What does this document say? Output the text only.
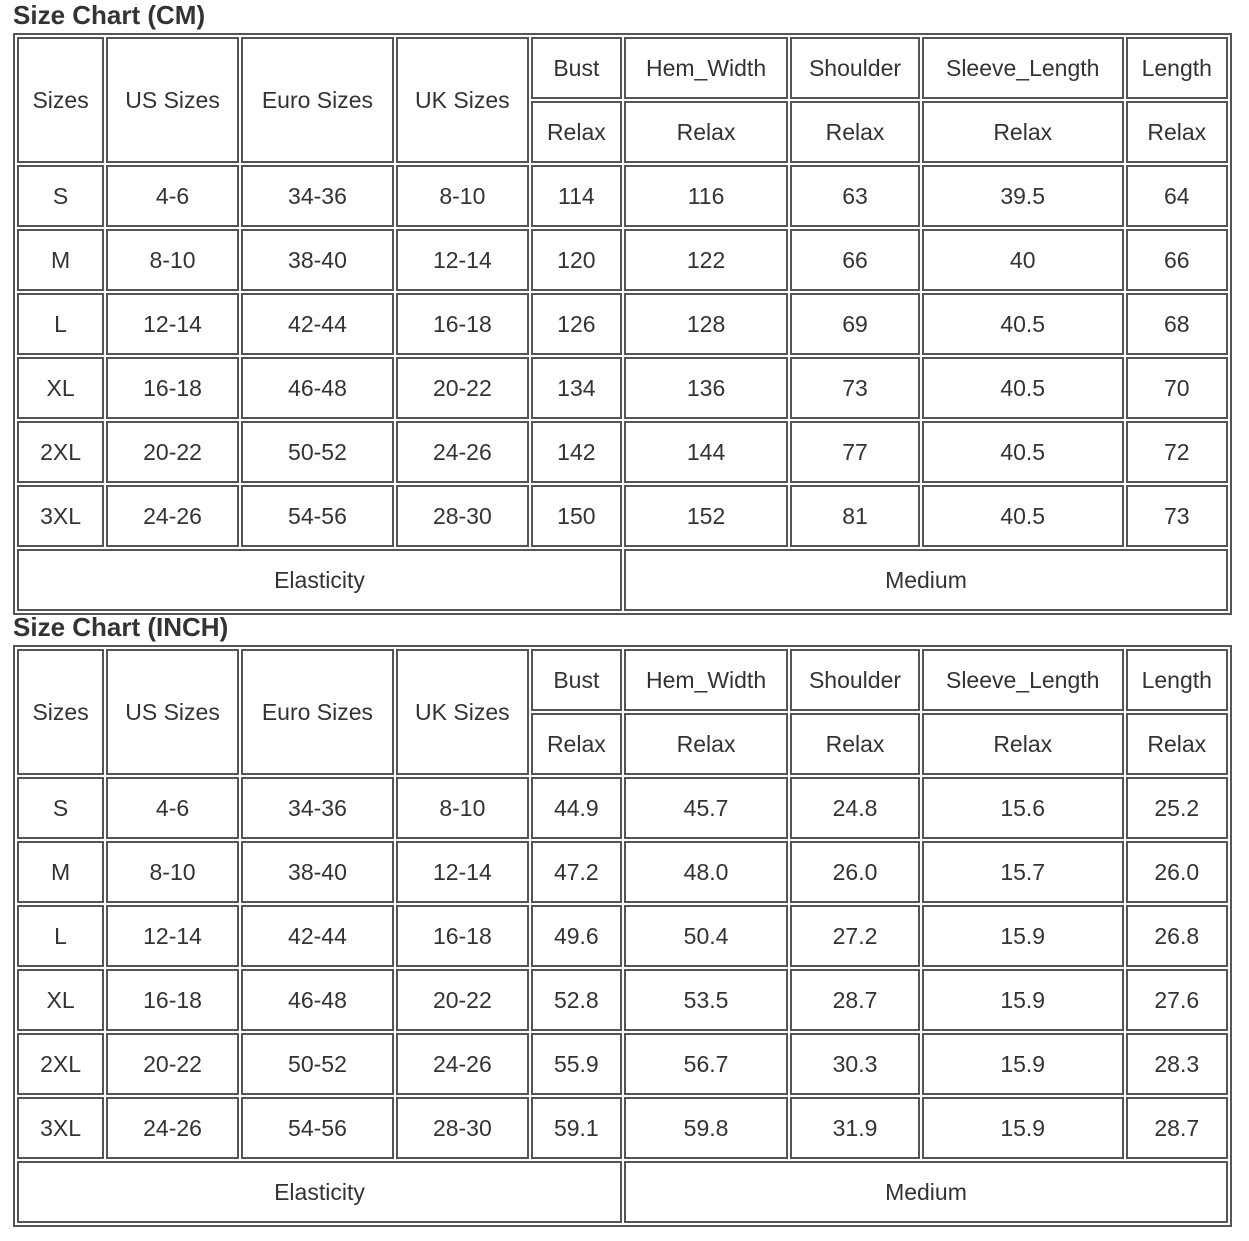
Size Chart (CM)
Sizes	US Sizes	Euro Sizes	UK Sizes	Bust	Hem_Width	Shoulder	Sleeve_Length	Length
				Relax	Relax	Relax	Relax	Relax
S	4-6	34-36	8-10	114	116	63	39.5	64
M	8-10	38-40	12-14	120	122	66	40	66
L	12-14	42-44	16-18	126	128	69	40.5	68
XL	16-18	46-48	20-22	134	136	73	40.5	70
2XL	20-22	50-52	24-26	142	144	77	40.5	72
3XL	24-26	54-56	28-30	150	152	81	40.5	73
Elasticity					Medium			
Size Chart (INCH)
Sizes	US Sizes	Euro Sizes	UK Sizes	Bust	Hem_Width	Shoulder	Sleeve_Length	Length
				Relax	Relax	Relax	Relax	Relax
S	4-6	34-36	8-10	44.9	45.7	24.8	15.6	25.2
M	8-10	38-40	12-14	47.2	48.0	26.0	15.7	26.0
L	12-14	42-44	16-18	49.6	50.4	27.2	15.9	26.8
XL	16-18	46-48	20-22	52.8	53.5	28.7	15.9	27.6
2XL	20-22	50-52	24-26	55.9	56.7	30.3	15.9	28.3
3XL	24-26	54-56	28-30	59.1	59.8	31.9	15.9	28.7
Elasticity					Medium			
